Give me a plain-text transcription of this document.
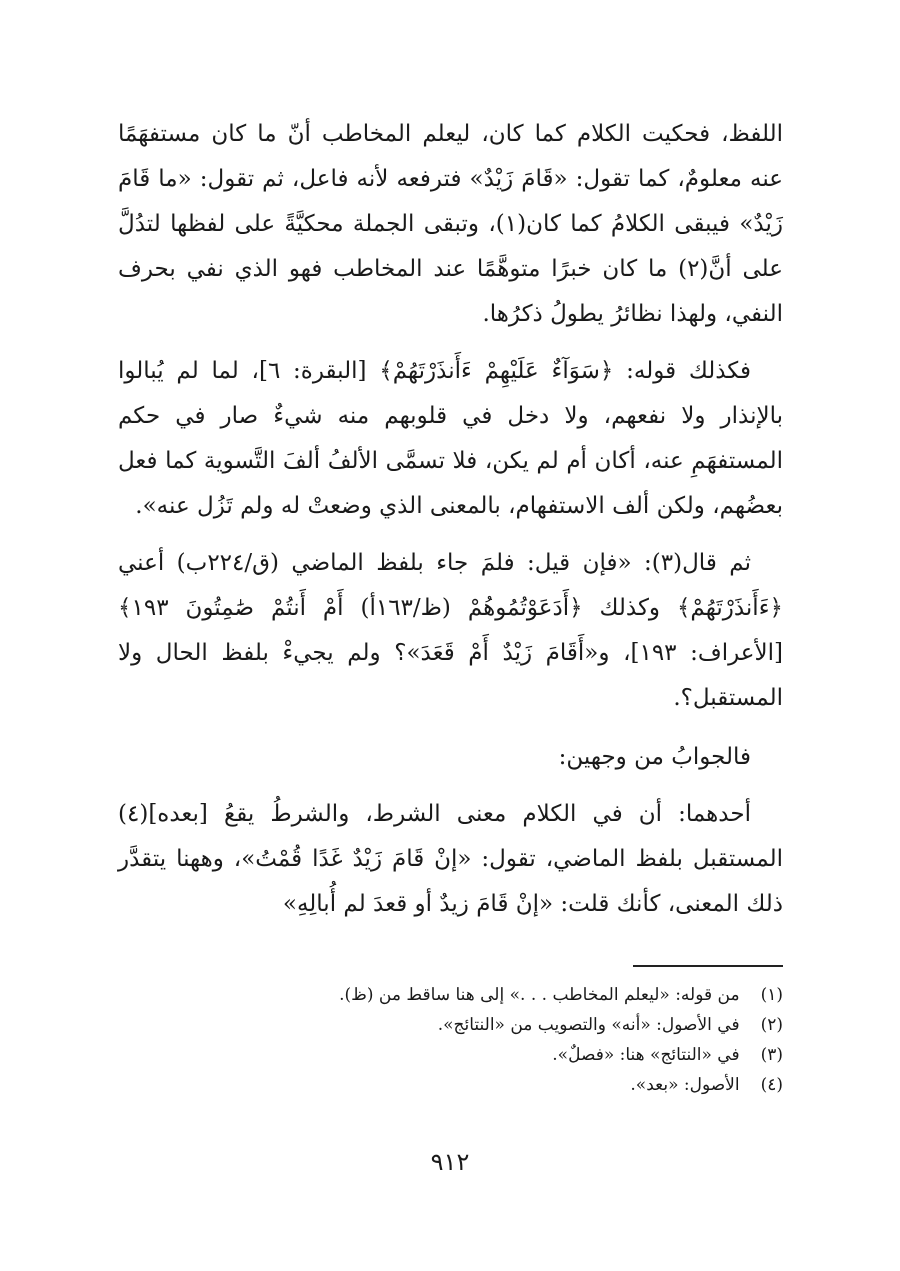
اللفظ، فحكيت الكلام كما كان، ليعلم المخاطب أنّ ما كان مستفهَمًا عنه معلومٌ، كما تقول: «قَامَ زَيْدٌ» فترفعه لأنه فاعل، ثم تقول: «ما قَامَ زَيْدٌ» فيبقى الكلامُ كما كان(١)، وتبقى الجملة محكيَّةً على لفظها لتدُلَّ على أنَّ(٢) ما كان خبرًا متوهَّمًا عند المخاطب فهو الذي نفي بحرف النفي، ولهذا نظائرُ يطولُ ذكرُها.

فكذلك قوله: ﴿سَوَآءٌ عَلَيْهِمْ ءَأَنذَرْتَهُمْ﴾ [البقرة: ٦]، لما لم يُبالوا بالإنذار ولا نفعهم، ولا دخل في قلوبهم منه شيءٌ صار في حكم المستفهَمِ عنه، أكان أم لم يكن، فلا تسمَّى الألفُ ألفَ التَّسوية كما فعل بعضُهم، ولكن ألف الاستفهام، بالمعنى الذي وضعتْ له ولم تَزُل عنه».

ثم قال(٣): «فإن قيل: فلمَ جاء بلفظ الماضي (ق/٢٢٤ب) أعني ﴿ءَأَنذَرْتَهُمْ﴾ وكذلك ﴿أَدَعَوْتُمُوهُمْ (ظ/١٦٣أ) أَمْ أَنتُمْ صَٰمِتُونَ ١٩٣﴾ [الأعراف: ١٩٣]، و«أَقَامَ زَيْدٌ أَمْ قَعَدَ»؟ ولم يجيءْ بلفظ الحال ولا المستقبل؟.

فالجوابُ من وجهين:

أحدهما: أن في الكلام معنى الشرط، والشرطُ يقعُ [بعده](٤) المستقبل بلفظ الماضي، تقول: «إنْ قَامَ زَيْدٌ غَدًا قُمْتُ»، وههنا يتقدَّر ذلك المعنى، كأنك قلت: «إنْ قَامَ زيدٌ أو قعدَ لم أُبالِهِ»

(١) من قوله: «ليعلم المخاطب . . .» إلى هنا ساقط من (ظ).

(٢) في الأصول: «أنه» والتصويب من «النتائج».

(٣) في «النتائج» هنا: «فصلٌ».

(٤) الأصول: «بعد».

٩١٢
